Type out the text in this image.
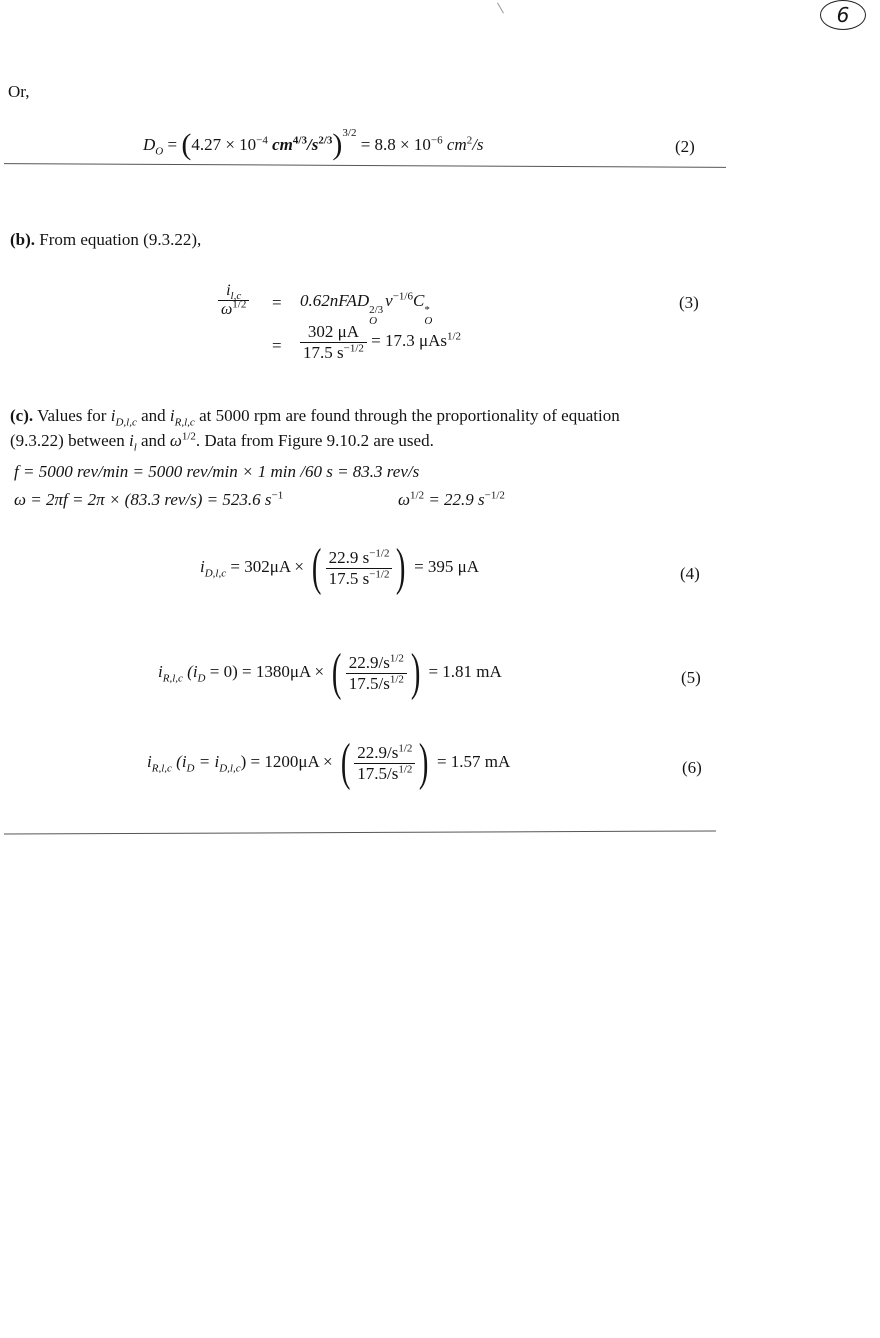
6
Or,
$D_O = (4.27 \times 10^{-4}$ $cm^{4/3}/s^{2/3})^{3/2} = 8.8 \times 10^{-6}$ $cm^2/s$	(2)
(b). From equation (9.3.22),
$\frac{i_{l,c}}{\omega^{1/2}}$ = 0.62nFAD 2/3
O
$v^{-1/6}C$ *
O
(3)
= $\frac{302 \mu A}{17.5 s^{-1/2}} = 17.3$ μAs$^{1/2}$
(c). Values for $i_{D,l,c}$ and $i_{R,l,c}$ at 5000 rpm are found through the proportionality of equation
(9.3.22) between $i_l$ and $\omega^{1/2}$. Data from Figure 9.10.2 are used.
f = 5000 rev/min = 5000 rev/min × 1 min /60 s = 83.3 rev/s
ω = 2πf = 2π × (83.3 rev/s) = 523.6 $s^{-1}$	$\omega^{1/2} = 22.9$ $s^{-1/2}$
$i_{D,l,c} = 302\mu A$ × ( $\frac{22.9 s^{-1/2}}{17.5 s^{-1/2}}$ ) = 395 μA	(4)
$i_{R,l,c}$ $(i_D = 0) = 1380\mu A$ × ( $\frac{22.9/s^{1/2}}{17.5/s^{1/2}}$ ) = 1.81 mA	(5)
$i_{R,l,c}$ $(i_D = i_{D,l,c}) = 1200\mu A$ × ( $\frac{22.9/s^{1/2}}{17.5/s^{1/2}}$ ) = 1.57 mA	(6)
